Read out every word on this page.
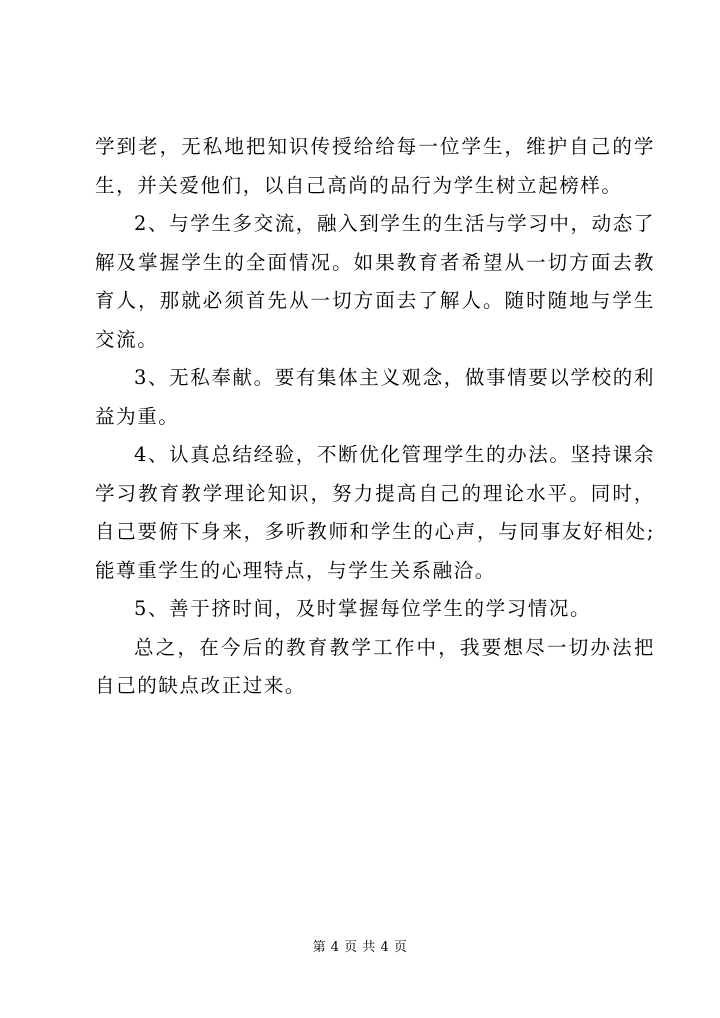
学到老，无私地把知识传授给给每一位学生，维护自己的学生，并关爱他们，以自己高尚的品行为学生树立起榜样。

2、与学生多交流，融入到学生的生活与学习中，动态了解及掌握学生的全面情况。如果教育者希望从一切方面去教育人，那就必须首先从一切方面去了解人。随时随地与学生交流。

3、无私奉献。要有集体主义观念，做事情要以学校的利益为重。

4、认真总结经验，不断优化管理学生的办法。坚持课余学习教育教学理论知识，努力提高自己的理论水平。同时，自己要俯下身来，多听教师和学生的心声，与同事友好相处;能尊重学生的心理特点，与学生关系融洽。

5、善于挤时间，及时掌握每位学生的学习情况。

总之，在今后的教育教学工作中，我要想尽一切办法把自己的缺点改正过来。

第 4 页 共 4 页
